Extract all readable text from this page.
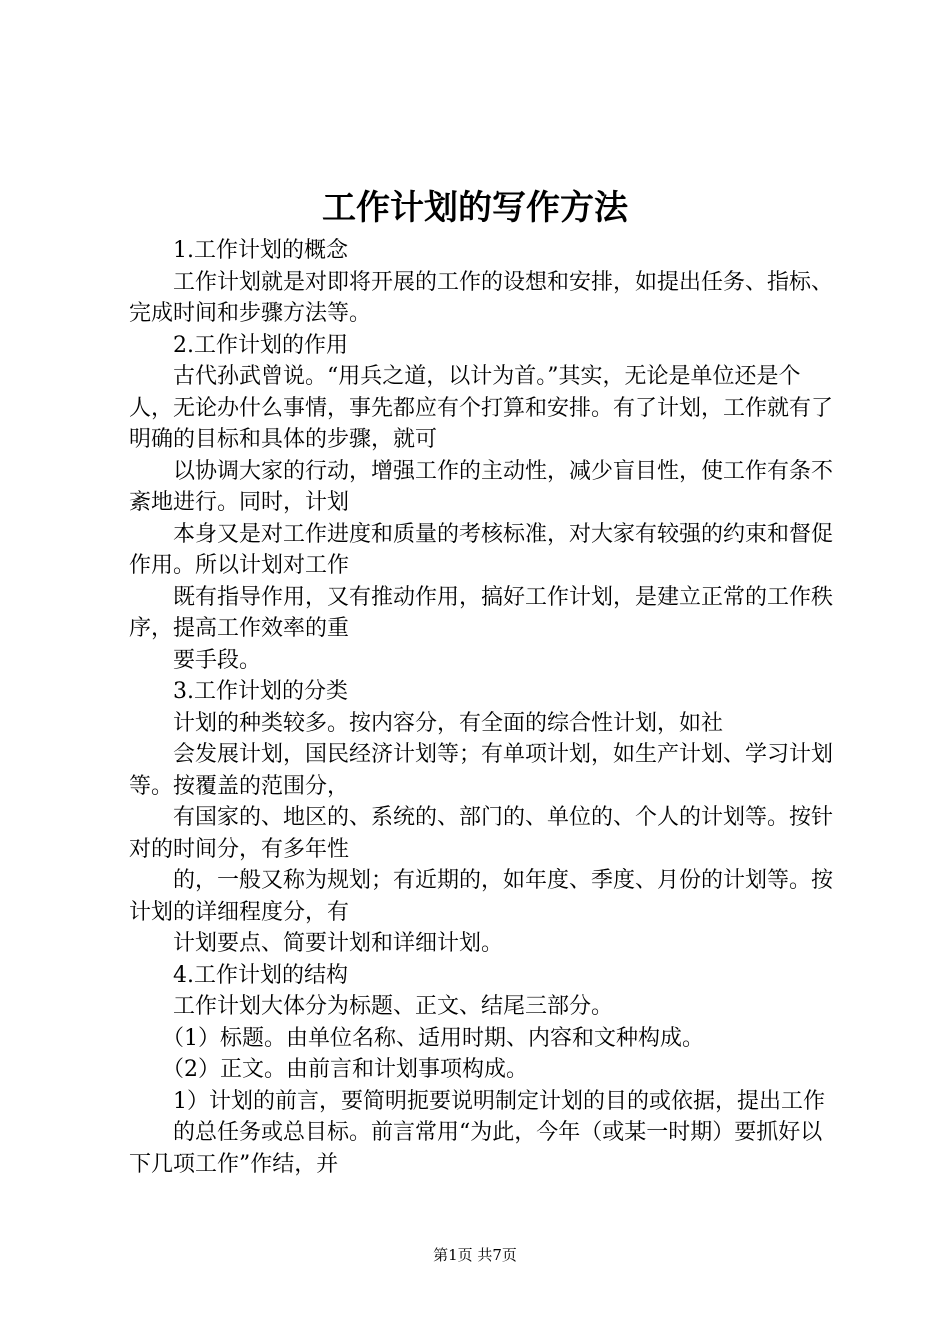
工作计划的写作方法

　　1.工作计划的概念

　　工作计划就是对即将开展的工作的设想和安排，如提出任务、指标、完成时间和步骤方法等。

　　2.工作计划的作用

　　古代孙武曾说。“用兵之道，以计为首。”其实，无论是单位还是个人，无论办什么事情，事先都应有个打算和安排。有了计划，工作就有了明确的目标和具体的步骤，就可

　　以协调大家的行动，增强工作的主动性，减少盲目性，使工作有条不紊地进行。同时，计划

　　本身又是对工作进度和质量的考核标准，对大家有较强的约束和督促作用。所以计划对工作

　　既有指导作用，又有推动作用，搞好工作计划，是建立正常的工作秩序，提高工作效率的重

　　要手段。

　　3.工作计划的分类

　　计划的种类较多。按内容分，有全面的综合性计划，如社

　　会发展计划，国民经济计划等；有单项计划，如生产计划、学习计划等。按覆盖的范围分，

　　有国家的、地区的、系统的、部门的、单位的、个人的计划等。按针对的时间分，有多年性

　　的，一般又称为规划；有近期的，如年度、季度、月份的计划等。按计划的详细程度分，有

　　计划要点、简要计划和详细计划。

　　4.工作计划的结构

　　工作计划大体分为标题、正文、结尾三部分。

　　（1）标题。由单位名称、适用时期、内容和文种构成。

　　（2）正文。由前言和计划事项构成。

　　1）计划的前言，要简明扼要说明制定计划的目的或依据，提出工作

　　的总任务或总目标。前言常用“为此，今年（或某一时期）要抓好以下几项工作”作结，并

第1页 共7页
